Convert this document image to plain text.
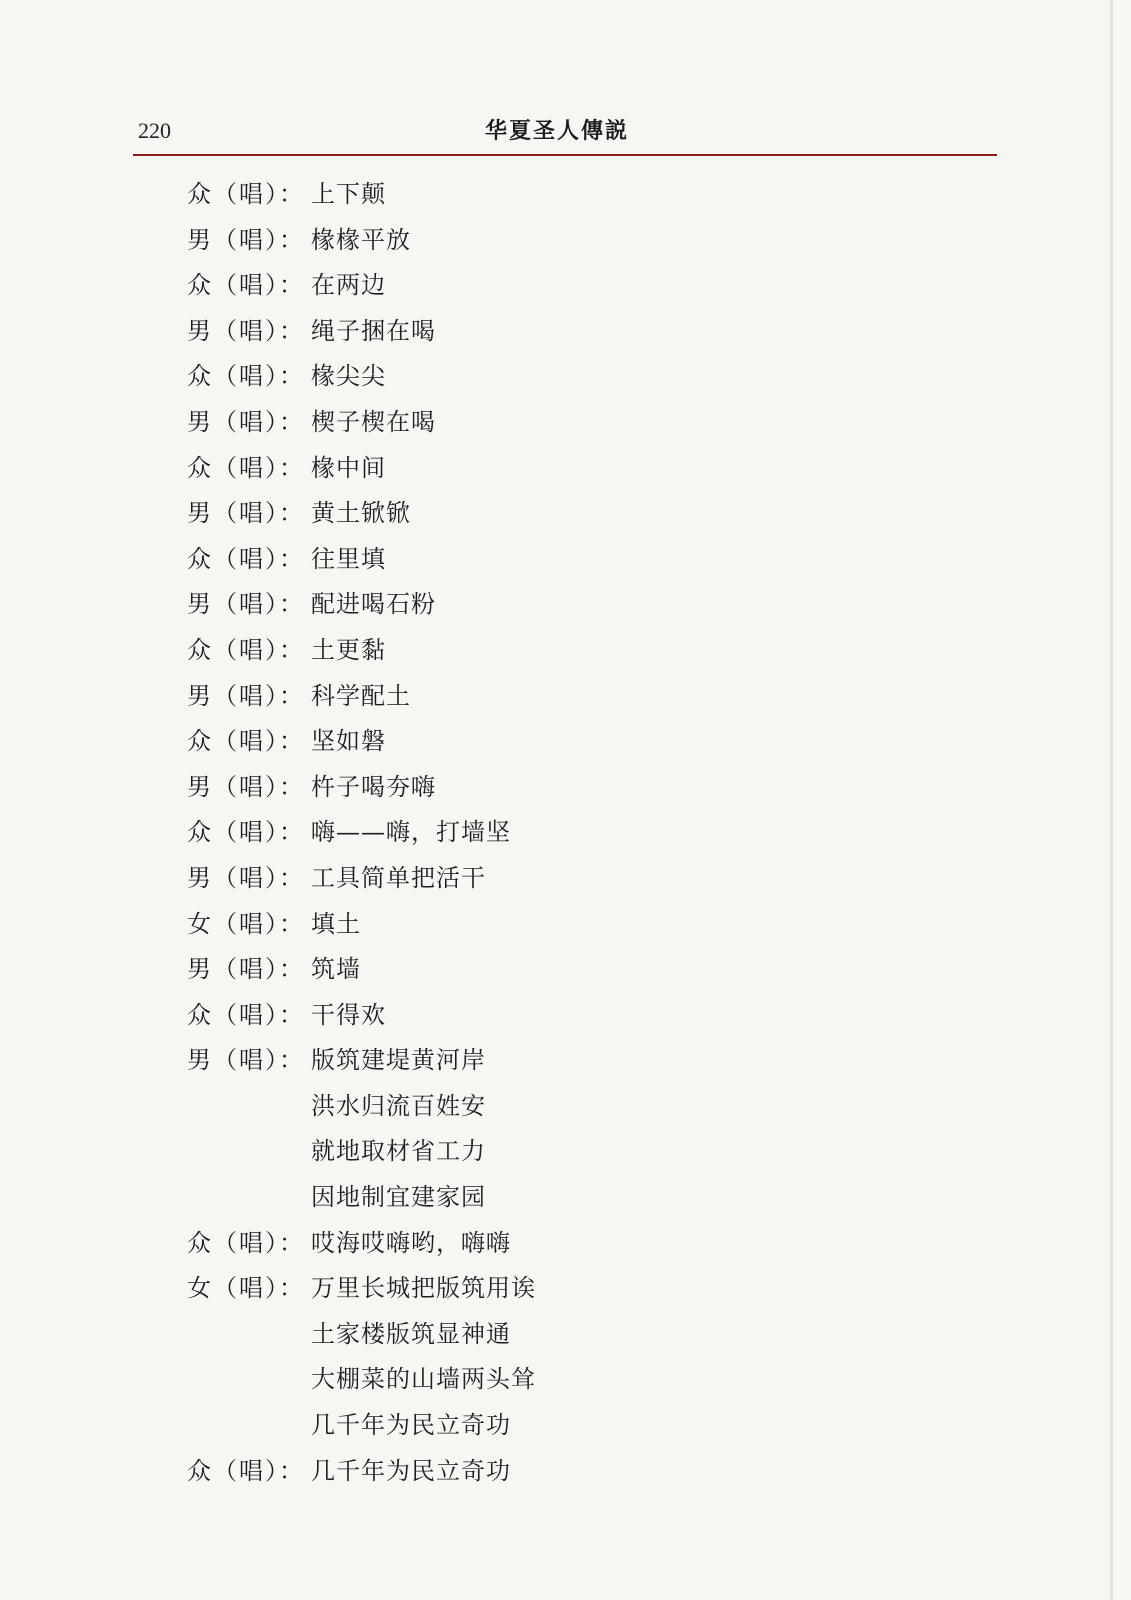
220	华夏圣人傳説
众（唱）： 上下颠
男（唱）： 椽椽平放
众（唱）： 在两边
男（唱）： 绳子捆在喝
众（唱）： 椽尖尖
男（唱）： 楔子楔在喝
众（唱）： 椽中间
男（唱）： 黄土锨锨
众（唱）： 往里填
男（唱）： 配进喝石粉
众（唱）： 土更黏
男（唱）： 科学配土
众（唱）： 坚如磐
男（唱）： 杵子喝夯嗨
众（唱）： 嗨——嗨，打墙坚
男（唱）： 工具简单把活干
女（唱）： 填土
男（唱）： 筑墙
众（唱）： 干得欢
男（唱）： 版筑建堤黄河岸
洪水归流百姓安
就地取材省工力
因地制宜建家园
众（唱）： 哎海哎嗨哟，嗨嗨
女（唱）： 万里长城把版筑用诶
土家楼版筑显神通
大棚菜的山墙两头耸
几千年为民立奇功
众（唱）： 几千年为民立奇功
